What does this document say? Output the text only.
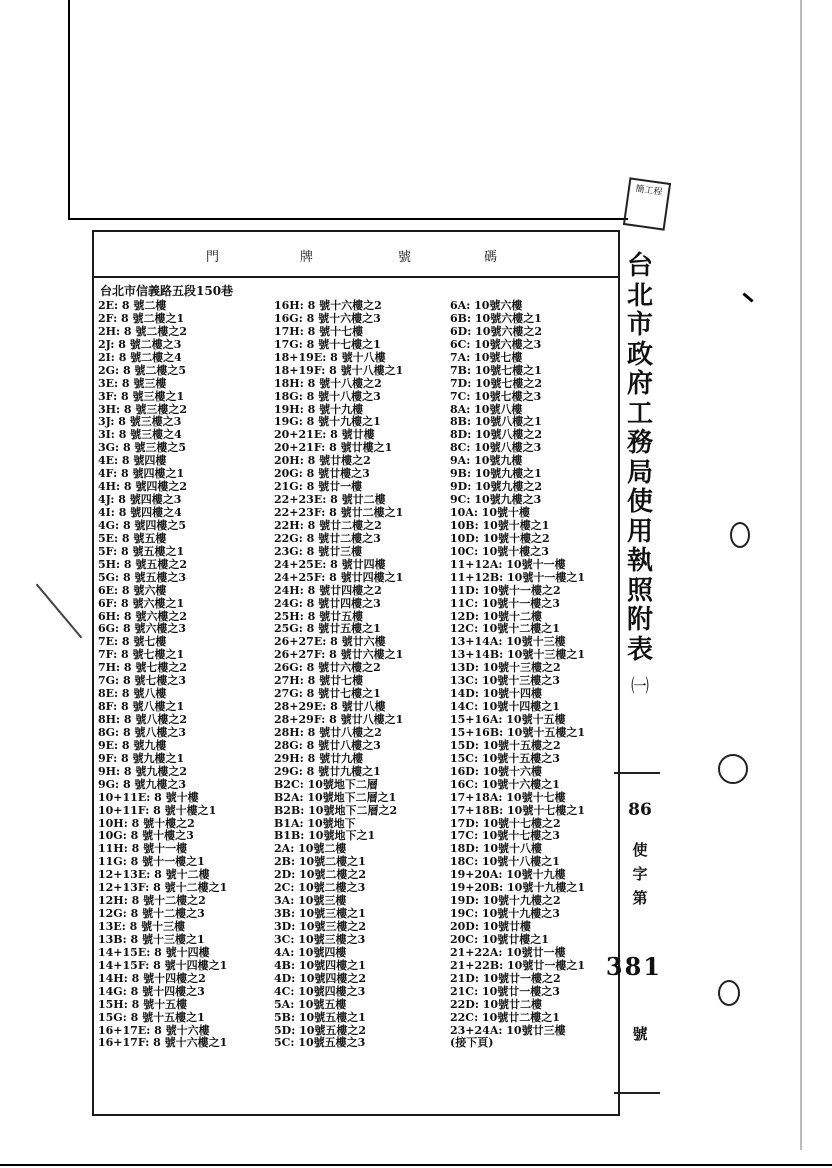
簡工程
門	牌	號	碼
台北市信義路五段150巷
2E: 8 號二樓
2F: 8 號二樓之1
2H: 8 號二樓之2
2J: 8 號二樓之3
2I: 8 號二樓之4
2G: 8 號二樓之5
3E: 8 號三樓
3F: 8 號三樓之1
3H: 8 號三樓之2
3J: 8 號三樓之3
3I: 8 號三樓之4
3G: 8 號三樓之5
4E: 8 號四樓
4F: 8 號四樓之1
4H: 8 號四樓之2
4J: 8 號四樓之3
4I: 8 號四樓之4
4G: 8 號四樓之5
5E: 8 號五樓
5F: 8 號五樓之1
5H: 8 號五樓之2
5G: 8 號五樓之3
6E: 8 號六樓
6F: 8 號六樓之1
6H: 8 號六樓之2
6G: 8 號六樓之3
7E: 8 號七樓
7F: 8 號七樓之1
7H: 8 號七樓之2
7G: 8 號七樓之3
8E: 8 號八樓
8F: 8 號八樓之1
8H: 8 號八樓之2
8G: 8 號八樓之3
9E: 8 號九樓
9F: 8 號九樓之1
9H: 8 號九樓之2
9G: 8 號九樓之3
10+11E: 8 號十樓
10+11F: 8 號十樓之1
10H: 8 號十樓之2
10G: 8 號十樓之3
11H: 8 號十一樓
11G: 8 號十一樓之1
12+13E: 8 號十二樓
12+13F: 8 號十二樓之1
12H: 8 號十二樓之2
12G: 8 號十二樓之3
13E: 8 號十三樓
13B: 8 號十三樓之1
14+15E: 8 號十四樓
14+15F: 8 號十四樓之1
14H: 8 號十四樓之2
14G: 8 號十四樓之3
15H: 8 號十五樓
15G: 8 號十五樓之1
16+17E: 8 號十六樓
16+17F: 8 號十六樓之1
16H: 8 號十六樓之2
16G: 8 號十六樓之3
17H: 8 號十七樓
17G: 8 號十七樓之1
18+19E: 8 號十八樓
18+19F: 8 號十八樓之1
18H: 8 號十八樓之2
18G: 8 號十八樓之3
19H: 8 號十九樓
19G: 8 號十九樓之1
20+21E: 8 號廿樓
20+21F: 8 號廿樓之1
20H: 8 號廿樓之2
20G: 8 號廿樓之3
21G: 8 號廿一樓
22+23E: 8 號廿二樓
22+23F: 8 號廿二樓之1
22H: 8 號廿二樓之2
22G: 8 號廿二樓之3
23G: 8 號廿三樓
24+25E: 8 號廿四樓
24+25F: 8 號廿四樓之1
24H: 8 號廿四樓之2
24G: 8 號廿四樓之3
25H: 8 號廿五樓
25G: 8 號廿五樓之1
26+27E: 8 號廿六樓
26+27F: 8 號廿六樓之1
26G: 8 號廿六樓之2
27H: 8 號廿七樓
27G: 8 號廿七樓之1
28+29E: 8 號廿八樓
28+29F: 8 號廿八樓之1
28H: 8 號廿八樓之2
28G: 8 號廿八樓之3
29H: 8 號廿九樓
29G: 8 號廿九樓之1
B2C: 10號地下二層
B2A: 10號地下二層之1
B2B: 10號地下二層之2
B1A: 10號地下
B1B: 10號地下之1
2A: 10號二樓
2B: 10號二樓之1
2D: 10號二樓之2
2C: 10號二樓之3
3A: 10號三樓
3B: 10號三樓之1
3D: 10號三樓之2
3C: 10號三樓之3
4A: 10號四樓
4B: 10號四樓之1
4D: 10號四樓之2
4C: 10號四樓之3
5A: 10號五樓
5B: 10號五樓之1
5D: 10號五樓之2
5C: 10號五樓之3
6A: 10號六樓
6B: 10號六樓之1
6D: 10號六樓之2
6C: 10號六樓之3
7A: 10號七樓
7B: 10號七樓之1
7D: 10號七樓之2
7C: 10號七樓之3
8A: 10號八樓
8B: 10號八樓之1
8D: 10號八樓之2
8C: 10號八樓之3
9A: 10號九樓
9B: 10號九樓之1
9D: 10號九樓之2
9C: 10號九樓之3
10A: 10號十樓
10B: 10號十樓之1
10D: 10號十樓之2
10C: 10號十樓之3
11+12A: 10號十一樓
11+12B: 10號十一樓之1
11D: 10號十一樓之2
11C: 10號十一樓之3
12D: 10號十二樓
12C: 10號十二樓之1
13+14A: 10號十三樓
13+14B: 10號十三樓之1
13D: 10號十三樓之2
13C: 10號十三樓之3
14D: 10號十四樓
14C: 10號十四樓之1
15+16A: 10號十五樓
15+16B: 10號十五樓之1
15D: 10號十五樓之2
15C: 10號十五樓之3
16D: 10號十六樓
16C: 10號十六樓之1
17+18A: 10號十七樓
17+18B: 10號十七樓之1
17D: 10號十七樓之2
17C: 10號十七樓之3
18D: 10號十八樓
18C: 10號十八樓之1
19+20A: 10號十九樓
19+20B: 10號十九樓之1
19D: 10號十九樓之2
19C: 10號十九樓之3
20D: 10號廿樓
20C: 10號廿樓之1
21+22A: 10號廿一樓
21+22B: 10號廿一樓之1
21D: 10號廿一樓之2
21C: 10號廿一樓之3
22D: 10號廿二樓
22C: 10號廿二樓之1
23+24A: 10號廿三樓
(接下頁)
台
北
市
政
府
工
務
局
使
用
執
照
附
表
㈠
86
使
字
第
381
號
